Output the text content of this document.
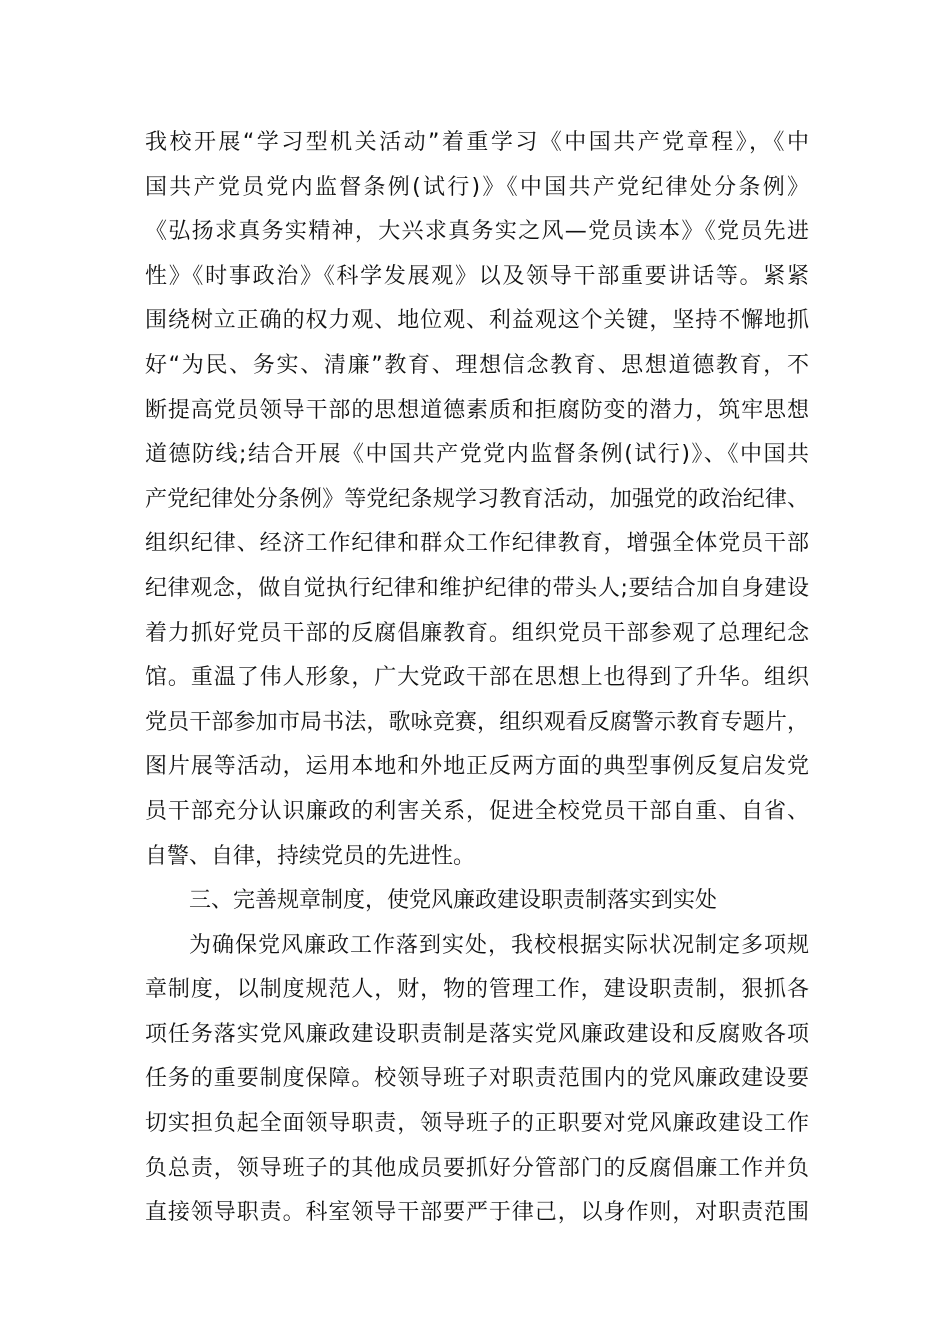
我校开展“学习型机关活动”着重学习《中国共产党章程》，《中
国共产党员党内监督条例(试行)》《中国共产党纪律处分条例》
《弘扬求真务实精神，大兴求真务实之风—党员读本》《党员先进
性》《时事政治》《科学发展观》以及领导干部重要讲话等。紧紧
围绕树立正确的权力观、地位观、利益观这个关键，坚持不懈地抓
好“为民、务实、清廉”教育、理想信念教育、思想道德教育，不
断提高党员领导干部的思想道德素质和拒腐防变的潜力，筑牢思想
道德防线;结合开展《中国共产党党内监督条例(试行)》、《中国共
产党纪律处分条例》等党纪条规学习教育活动，加强党的政治纪律、
组织纪律、经济工作纪律和群众工作纪律教育，增强全体党员干部
纪律观念，做自觉执行纪律和维护纪律的带头人;要结合加自身建设
着力抓好党员干部的反腐倡廉教育。组织党员干部参观了总理纪念
馆。重温了伟人形象，广大党政干部在思想上也得到了升华。组织
党员干部参加市局书法，歌咏竞赛，组织观看反腐警示教育专题片，
图片展等活动，运用本地和外地正反两方面的典型事例反复启发党
员干部充分认识廉政的利害关系，促进全校党员干部自重、自省、
自警、自律，持续党员的先进性。
三、完善规章制度，使党风廉政建设职责制落实到实处
为确保党风廉政工作落到实处，我校根据实际状况制定多项规
章制度，以制度规范人，财，物的管理工作，建设职责制，狠抓各
项任务落实党风廉政建设职责制是落实党风廉政建设和反腐败各项
任务的重要制度保障。校领导班子对职责范围内的党风廉政建设要
切实担负起全面领导职责，领导班子的正职要对党风廉政建设工作
负总责，领导班子的其他成员要抓好分管部门的反腐倡廉工作并负
直接领导职责。科室领导干部要严于律己，以身作则，对职责范围
